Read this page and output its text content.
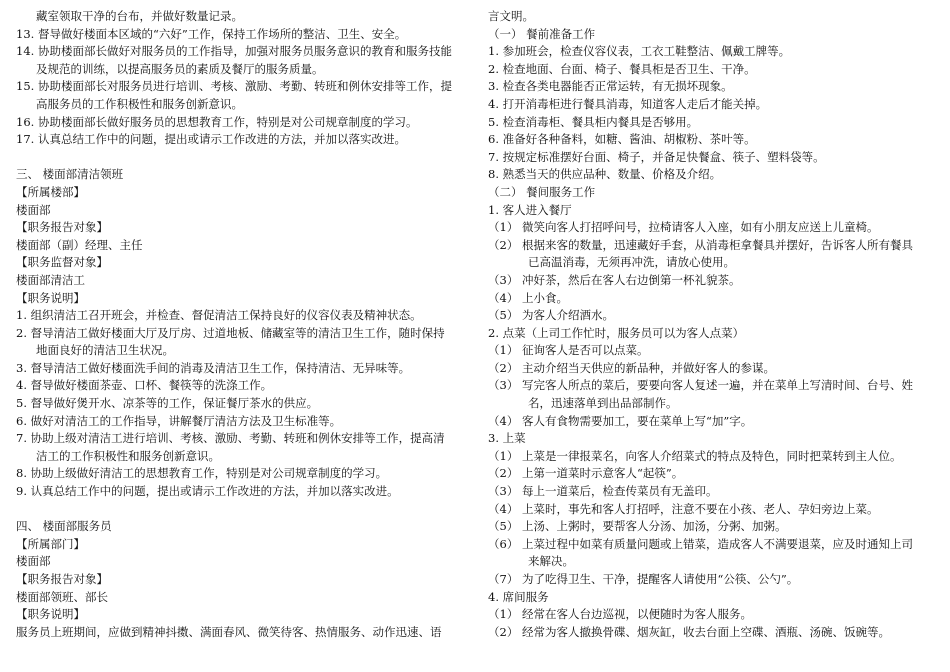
藏室领取干净的台布，并做好数量记录。
13. 督导做好楼面本区域的“六好”工作，保持工作场所的整洁、卫生、安全。
14. 协助楼面部长做好对服务员的工作指导，加强对服务员服务意识的教育和服务技能
及规范的训练，以提高服务员的素质及餐厅的服务质量。
15. 协助楼面部长对服务员进行培训、考核、激励、考勤、转班和例休安排等工作，提
高服务员的工作积极性和服务创新意识。
16. 协助楼面部长做好服务员的思想教育工作，特别是对公司规章制度的学习。
17. 认真总结工作中的问题，提出或请示工作改进的方法，并加以落实改进。
三、 楼面部清洁领班
【所属楼部】
楼面部
【职务报告对象】
楼面部（副）经理、主任
【职务监督对象】
楼面部清洁工
【职务说明】
1. 组织清洁工召开班会，并检查、督促清洁工保持良好的仪容仪表及精神状态。
2. 督导清洁工做好楼面大厅及厅房、过道地板、储藏室等的清洁卫生工作，随时保持
地面良好的清洁卫生状况。
3. 督导清洁工做好楼面洗手间的消毒及清洁卫生工作，保持清洁、无异味等。
4. 督导做好楼面茶壶、口杯、餐筷等的洗涤工作。
5. 督导做好煲开水、凉茶等的工作，保证餐厅茶水的供应。
6. 做好对清洁工的工作指导，讲解餐厅清洁方法及卫生标准等。
7. 协助上级对清洁工进行培训、考核、激励、考勤、转班和例休安排等工作，提高清
洁工的工作积极性和服务创新意识。
8. 协助上级做好清洁工的思想教育工作，特别是对公司规章制度的学习。
9. 认真总结工作中的问题，提出或请示工作改进的方法，并加以落实改进。
四、 楼面部服务员
【所属部门】
楼面部
【职务报告对象】
楼面部领班、部长
【职务说明】
服务员上班期间，应做到精神抖擞、满面春风、微笑待客、热情服务、动作迅速、语
言文明。
（一） 餐前准备工作
1. 参加班会，检查仪容仪表，工衣工鞋整洁、佩戴工牌等。
2. 检查地面、台面、椅子、餐具柜是否卫生、干净。
3. 检查各类电器能否正常运转，有无损坏现象。
4. 打开消毒柜进行餐具消毒，知道客人走后才能关掉。
5. 检查消毒柜、餐具柜内餐具是否够用。
6. 准备好各种备料，如糖、酱油、胡椒粉、茶叶等。
7. 按规定标准摆好台面、椅子，并备足快餐盒、筷子、塑料袋等。
8. 熟悉当天的供应品种、数量、价格及介绍。
（二） 餐间服务工作
1. 客人进入餐厅
（1） 微笑向客人打招呼问号，拉椅请客人入座，如有小朋友应送上儿童椅。
（2） 根据来客的数量，迅速藏好手套，从消毒柜拿餐具并摆好，告诉客人所有餐具
已高温消毒，无须再冲洗，请放心使用。
（3） 冲好茶，然后在客人右边倒第一杯礼貌茶。
（4） 上小食。
（5） 为客人介绍酒水。
2. 点菜（上司工作忙时，服务员可以为客人点菜）
（1） 征询客人是否可以点菜。
（2） 主动介绍当天供应的新品种，并做好客人的参谋。
（3） 写完客人所点的菜后，要要向客人复述一遍，并在菜单上写清时间、台号、姓
名，迅速落单到出品部制作。
（4） 客人有食物需要加工，要在菜单上写“加”字。
3. 上菜
（1） 上菜是一律报菜名，向客人介绍菜式的特点及特色，同时把菜转到主人位。
（2） 上第一道菜时示意客人“起筷”。
（3） 每上一道菜后，检查传菜员有无盖印。
（4） 上菜时，事先和客人打招呼，注意不要在小孩、老人、孕妇旁边上菜。
（5） 上汤、上粥时，要帮客人分汤、加汤，分粥、加粥。
（6） 上菜过程中如菜有质量问题或上错菜，造成客人不满要退菜，应及时通知上司
来解决。
（7） 为了吃得卫生、干净，提醒客人请使用“公筷、公勺”。
4. 席间服务
（1） 经常在客人台边巡视，以便随时为客人服务。
（2） 经常为客人撤换骨碟、烟灰缸，收去台面上空碟、酒瓶、汤碗、饭碗等。
